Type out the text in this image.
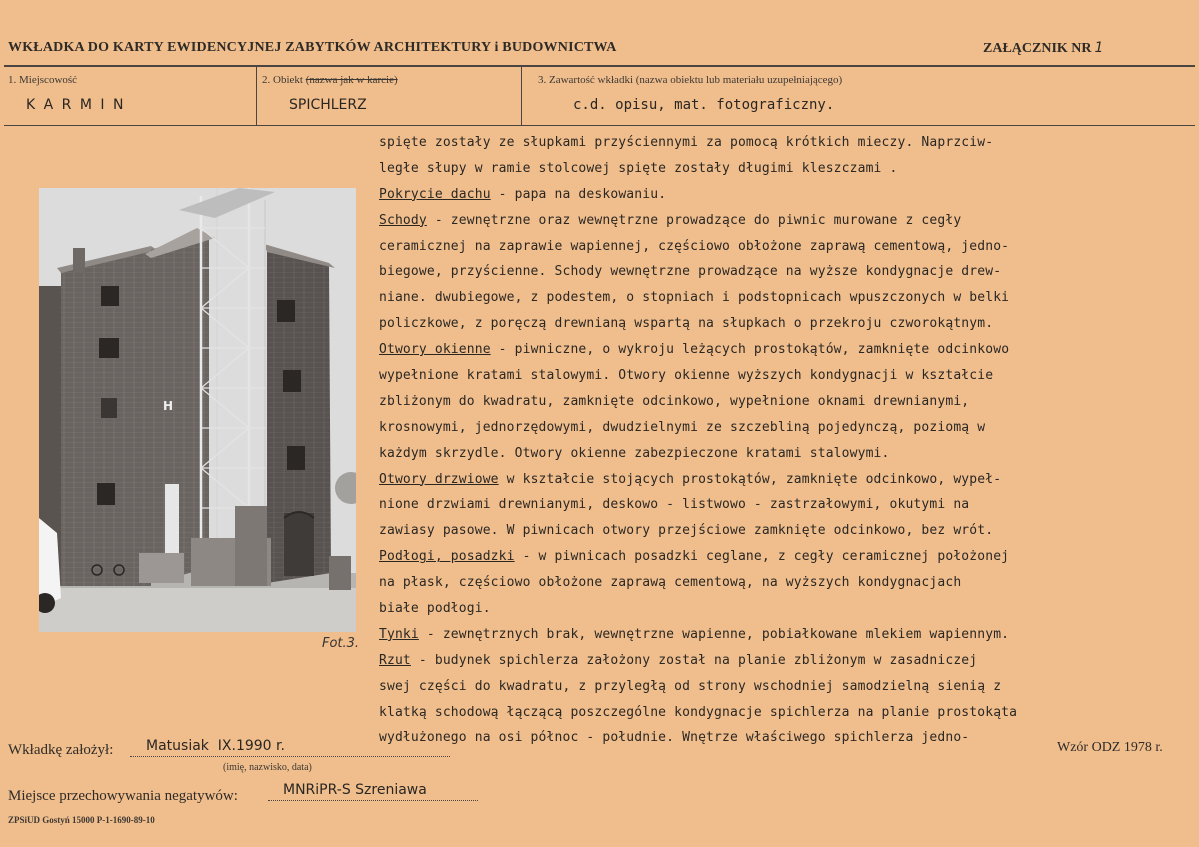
WKŁADKA DO KARTY EWIDENCYJNEJ ZABYTKÓW ARCHITEKTURY i BUDOWNICTWA	ZAŁĄCZNIK NR 1
1. Miejscowość
K A R M I N
2. Obiekt (nazwa jak w karcie)
SPICHLERZ
3. Zawartość wkładki (nazwa obiektu lub materiału uzupełniającego)
c.d. opisu, mat. fotograficzny.
H
Fot.3.
spięte zostały ze słupkami przyściennymi za pomocą krótkich mieczy. Naprzciw-
ległe słupy w ramie stolcowej spięte zostały długimi kleszczami .
Pokrycie dachu - papa na deskowaniu.
Schody - zewnętrzne oraz wewnętrzne prowadzące do piwnic murowane z cegły
ceramicznej na zaprawie wapiennej, częściowo obłożone zaprawą cementową, jedno-
biegowe, przyścienne. Schody wewnętrzne prowadzące na wyższe kondygnacje drew-
niane. dwubiegowe, z podestem, o stopniach i podstopnicach wpuszczonych w belki
policzkowe, z poręczą drewnianą wspartą na słupkach o przekroju czworokątnym.
Otwory okienne - piwniczne, o wykroju leżących prostokątów, zamknięte odcinkowo
wypełnione kratami stalowymi. Otwory okienne wyższych kondygnacji w kształcie
zbliżonym do kwadratu, zamknięte odcinkowo, wypełnione oknami drewnianymi,
krosnowymi, jednorzędowymi, dwudzielnymi ze szczebliną pojedynczą, poziomą w
każdym skrzydle. Otwory okienne zabezpieczone kratami stalowymi.
Otwory drzwiowe w kształcie stojących prostokątów, zamknięte odcinkowo, wypeł-
nione drzwiami drewnianymi, deskowo - listwowo - zastrzałowymi, okutymi na
zawiasy pasowe. W piwnicach otwory przejściowe zamknięte odcinkowo, bez wrót.
Podłogi, posadzki - w piwnicach posadzki ceglane, z cegły ceramicznej położonej
na płask, częściowo obłożone zaprawą cementową, na wyższych kondygnacjach
białe podłogi.
Tynki - zewnętrznych brak, wewnętrzne wapienne, pobiałkowane mlekiem wapiennym.
Rzut - budynek spichlerza założony został na planie zbliżonym w zasadniczej
swej części do kwadratu, z przyległą od strony wschodniej samodzielną sienią z
klatką schodową łączącą poszczególne kondygnacje spichlerza na planie prostokąta
wydłużonego na osi północ - południe. Wnętrze właściwego spichlerza jedno-
Wkładkę założył: Matusiak  IX.1990 r.
(imię, nazwisko, data)
Wzór ODZ 1978 r.
Miejsce przechowywania negatywów:	MNRiPR-S Szreniawa
ZPSiUD Gostyń 15000 P-1-1690-89-10
